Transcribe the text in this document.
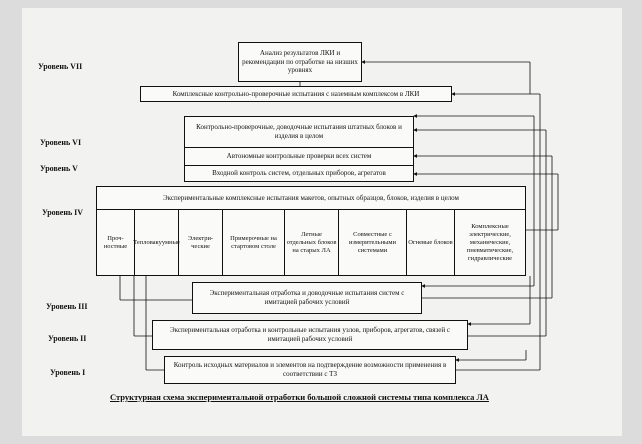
Уровень VII
Уровень VI
Уровень V
Уровень IV
Уровень III
Уровень II
Уровень I
Анализ результатов ЛКИ и рекомендации по отработке на низших уровнях
Комплексные контрольно-проверочные испытания с наземным комплексом в ЛКИ
Контрольно-проверочные, доводочные испытания штатных блоков и изделия в целом
Автономные контрольные проверки всех систем
Входной контроль систем, отдельных приборов, агрегатов
Экспериментальные комплексные испытания макетов, опытных образцов, блоков, изделия в целом
Проч-ностные
Тепловакуумные
Электри-ческие
Примерочные на стартовом столе
Летные отдельных блоков на старых ЛА
Совместные с измерительными системами
Огневые блоков
Комплексные электрические, механические, пневматические, гидравлические
Экспериментальная отработка и доводочные испытания систем с имитацией рабочих условий
Экспериментальная отработка и контрольные испытания узлов, приборов, агрегатов, связей с имитацией рабочих условий
Контроль исходных материалов и элементов на подтверждение возможности применения в соответствии с ТЗ
Структурная схема экспериментальной отработки большой сложной системы типа комплекса ЛА
